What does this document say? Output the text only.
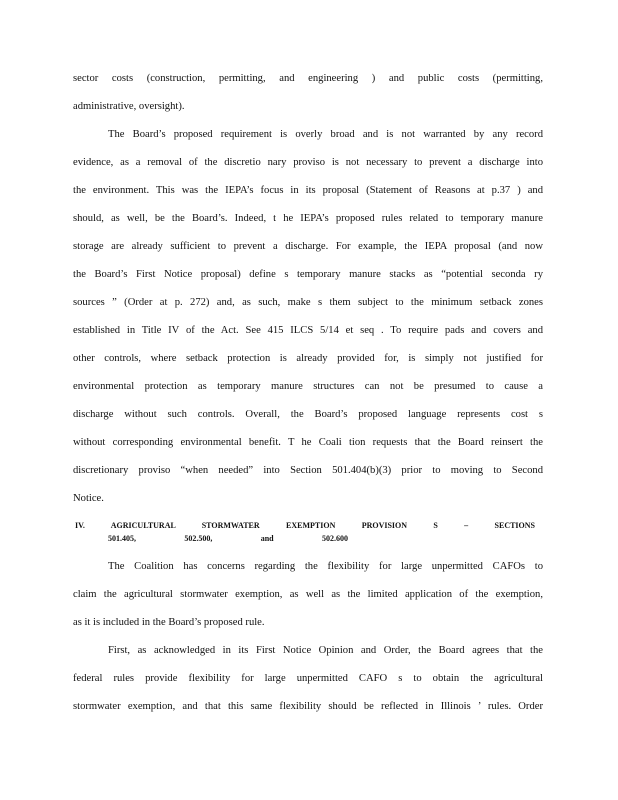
sector costs (construction, permitting, and engineering ) and public costs (permitting,
administrative, oversight).
The Board’s proposed requirement is overly broad and is not warranted by any record
evidence, as a removal of the discretio nary proviso is not necessary to prevent a discharge into
the environment. This was the IEPA’s focus in its proposal (Statement of Reasons at p.37 ) and
should, as well, be the Board’s. Indeed, t he IEPA’s proposed rules related to temporary manure
storage are already sufficient to prevent a discharge. For example, the IEPA proposal (and now
the Board’s First Notice proposal) define s temporary manure stacks as “potential seconda ry
sources ” (Order at p. 272) and, as such, make s them subject to the minimum setback zones
established in Title IV of the Act. See 415 ILCS 5/14 et seq . To require pads and covers and
other controls, where setback protection is already provided for, is simply not justified for
environmental protection as temporary manure structures can not be presumed to cause a
discharge without such controls. Overall, the Board’s proposed language represents cost s
without corresponding environmental benefit. T he Coali tion requests that the Board reinsert the
discretionary proviso “when needed” into Section 501.404(b)(3) prior to moving to Second
Notice.
IV. AGRICULTURAL STORMWATER EXEMPTION PROVISION S – SECTIONS
501.405, 502.500, and 502.600
The Coalition has concerns regarding the flexibility for large unpermitted CAFOs to
claim the agricultural stormwater exemption, as well as the limited application of the exemption,
as it is included in the Board’s proposed rule.
First, as acknowledged in its First Notice Opinion and Order, the Board agrees that the
federal rules provide flexibility for large unpermitted CAFO s to obtain the agricultural
stormwater exemption, and that this same flexibility should be reflected in Illinois ’ rules. Order
